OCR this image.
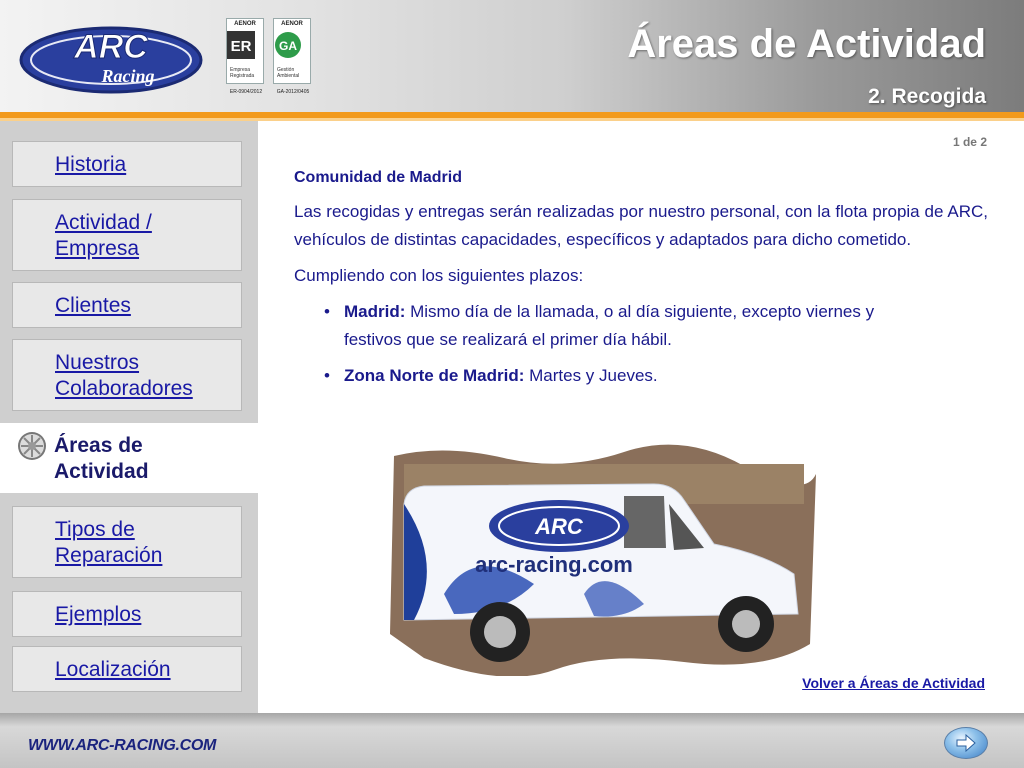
ARC
Racing
AENOR
ER
Empresa Registrada
ER-0904/2012
AENOR
GA
Gestión Ambiental
GA-2012/0405
Áreas de Actividad
2. Recogida
Historia
Actividad / Empresa
Clientes
Nuestros Colaboradores
Tipos de Reparación
Ejemplos
Localización
Áreas de Actividad
1 de 2
Comunidad de Madrid
Las recogidas y entregas serán realizadas por nuestro personal, con la flota propia de ARC, vehículos de distintas capacidades, específicos y adaptados para dicho cometido.
Cumpliendo con los siguientes plazos:
• Madrid: Mismo día de la llamada, o al día siguiente, excepto viernes y festivos que se realizará el primer día hábil.
• Zona Norte de Madrid: Martes y Jueves.
ARC
arc-racing.com
Volver a Áreas de Actividad
WWW.ARC-RACING.COM
